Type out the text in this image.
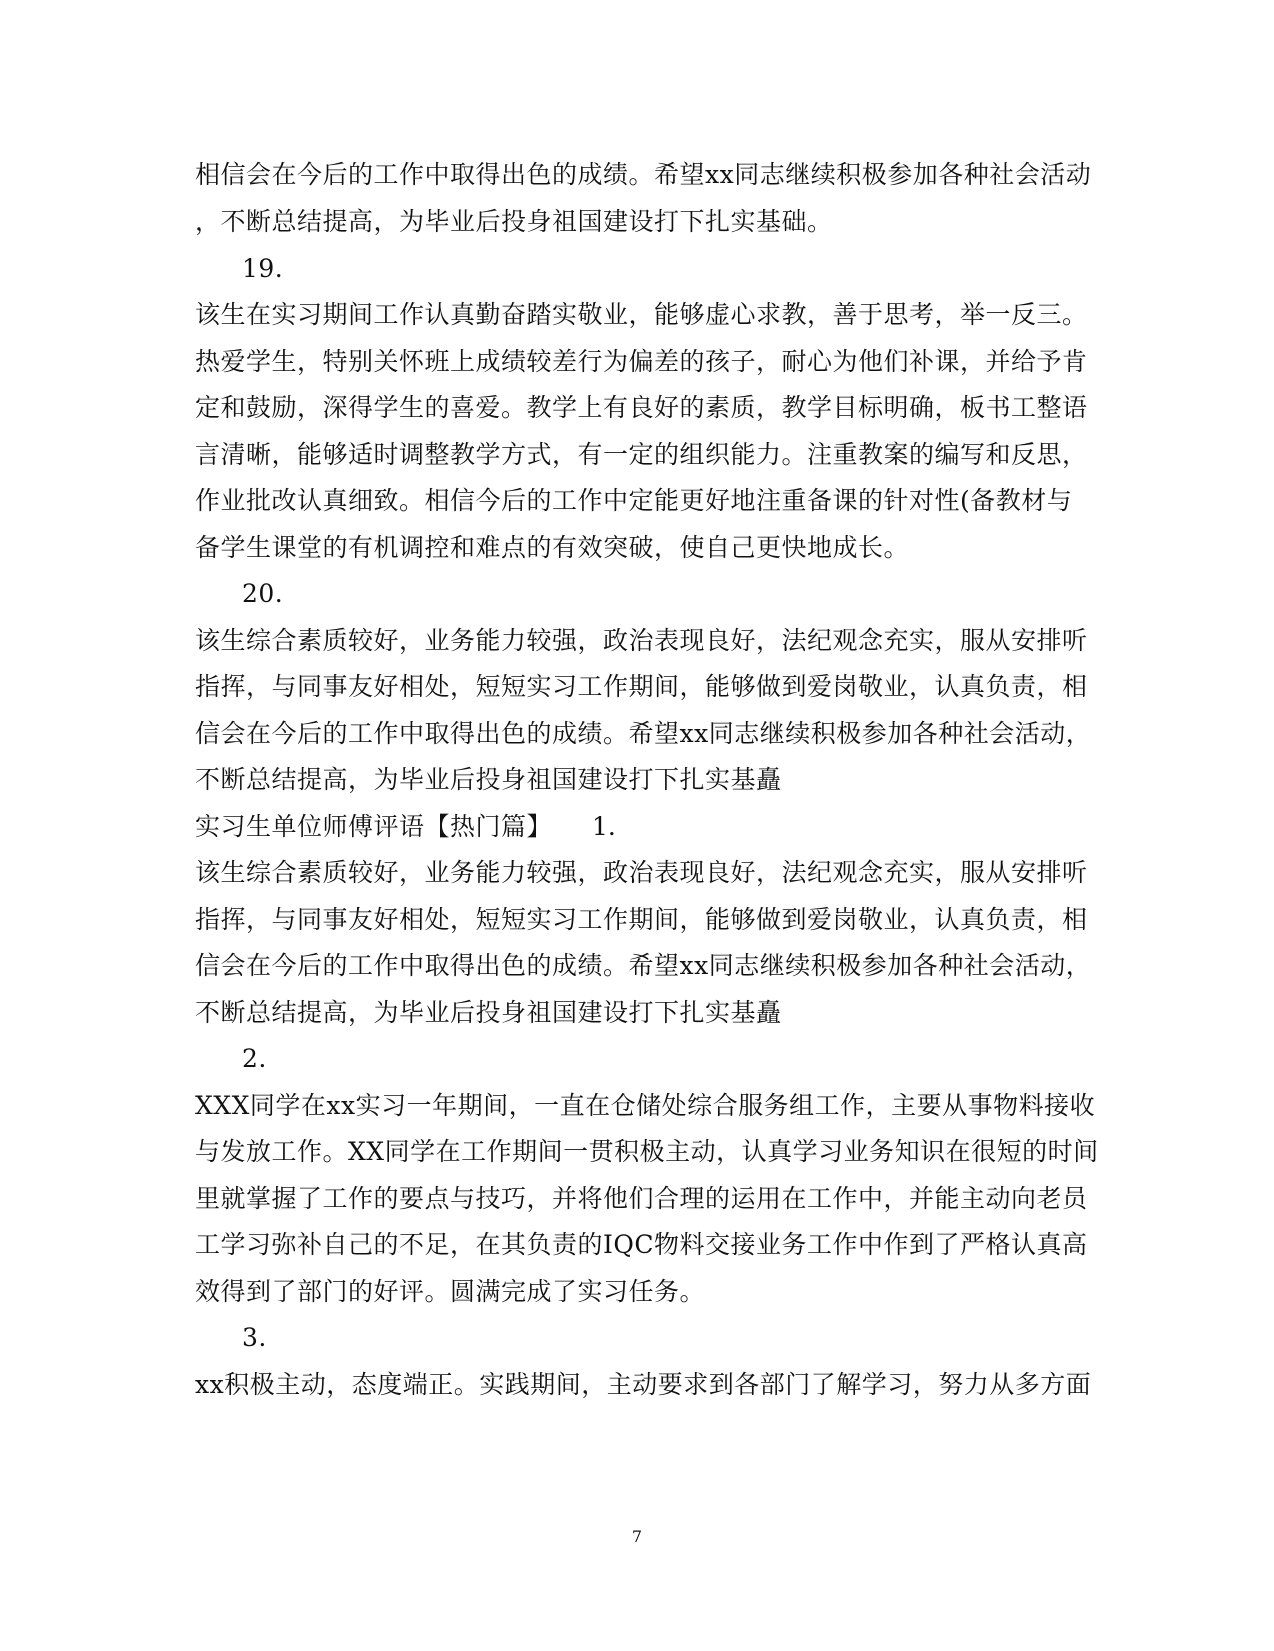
相信会在今后的工作中取得出色的成绩。希望xx同志继续积极参加各种社会活动
，不断总结提高，为毕业后投身祖国建设打下扎实基础。
19.
该生在实习期间工作认真勤奋踏实敬业，能够虚心求教，善于思考，举一反三。
热爱学生，特别关怀班上成绩较差行为偏差的孩子，耐心为他们补课，并给予肯
定和鼓励，深得学生的喜爱。教学上有良好的素质，教学目标明确，板书工整语
言清晰，能够适时调整教学方式，有一定的组织能力。注重教案的编写和反思，
作业批改认真细致。相信今后的工作中定能更好地注重备课的针对性(备教材与
备学生课堂的有机调控和难点的有效突破，使自己更快地成长。
20.
该生综合素质较好，业务能力较强，政治表现良好，法纪观念充实，服从安排听
指挥，与同事友好相处，短短实习工作期间，能够做到爱岗敬业，认真负责，相
信会在今后的工作中取得出色的成绩。希望xx同志继续积极参加各种社会活动，
不断总结提高，为毕业后投身祖国建设打下扎实基矗
实习生单位师傅评语【热门篇】 1.
该生综合素质较好，业务能力较强，政治表现良好，法纪观念充实，服从安排听
指挥，与同事友好相处，短短实习工作期间，能够做到爱岗敬业，认真负责，相
信会在今后的工作中取得出色的成绩。希望xx同志继续积极参加各种社会活动，
不断总结提高，为毕业后投身祖国建设打下扎实基矗
2.
XXX同学在xx实习一年期间，一直在仓储处综合服务组工作，主要从事物料接收
与发放工作。XX同学在工作期间一贯积极主动，认真学习业务知识在很短的时间
里就掌握了工作的要点与技巧，并将他们合理的运用在工作中，并能主动向老员
工学习弥补自己的不足，在其负责的IQC物料交接业务工作中作到了严格认真高
效得到了部门的好评。圆满完成了实习任务。
3.
xx积极主动，态度端正。实践期间，主动要求到各部门了解学习，努力从多方面
7
